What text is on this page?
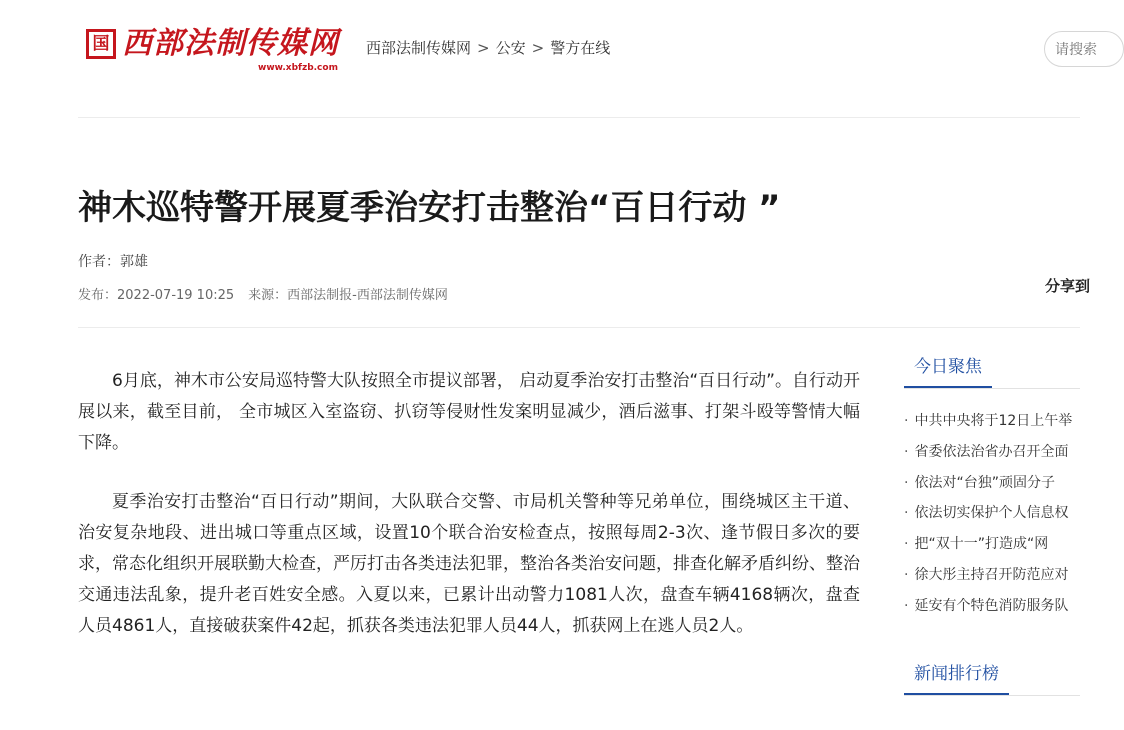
国 西部法制传媒网
www.xbfzb.com
西部法制传媒网 > 公安 > 警方在线
请搜索
神木巡特警开展夏季治安打击整治“百日行动 ”
作者：郭雄
发布：2022-07-19 10:25 来源：西部法制报-西部法制传媒网
分享到

6月底，神木市公安局巡特警大队按照全市提议部署， 启动夏季治安打击整治“百日行动”。自行动开展以来，截至目前， 全市城区入室盗窃、扒窃等侵财性发案明显减少，酒后滋事、打架斗殴等警情大幅下降。

夏季治安打击整治“百日行动”期间，大队联合交警、市局机关警种等兄弟单位，围绕城区主干道、治安复杂地段、进出城口等重点区域，设置10个联合治安检查点，按照每周2-3次、逢节假日多次的要求，常态化组织开展联勤大检查，严厉打击各类违法犯罪，整治各类治安问题，排查化解矛盾纠纷、整治交通违法乱象，提升老百姓安全感。入夏以来，已累计出动警力1081人次，盘查车辆4168辆次，盘查人员4861人，直接破获案件42起，抓获各类违法犯罪人员44人，抓获网上在逃人员2人。

今日聚焦
· 中共中央将于12日上午举
· 省委依法治省办召开全面
· 依法对“台独”顽固分子
· 依法切实保护个人信息权
· 把“双十一”打造成“网
· 徐大彤主持召开防范应对
· 延安有个特色消防服务队
新闻排行榜
